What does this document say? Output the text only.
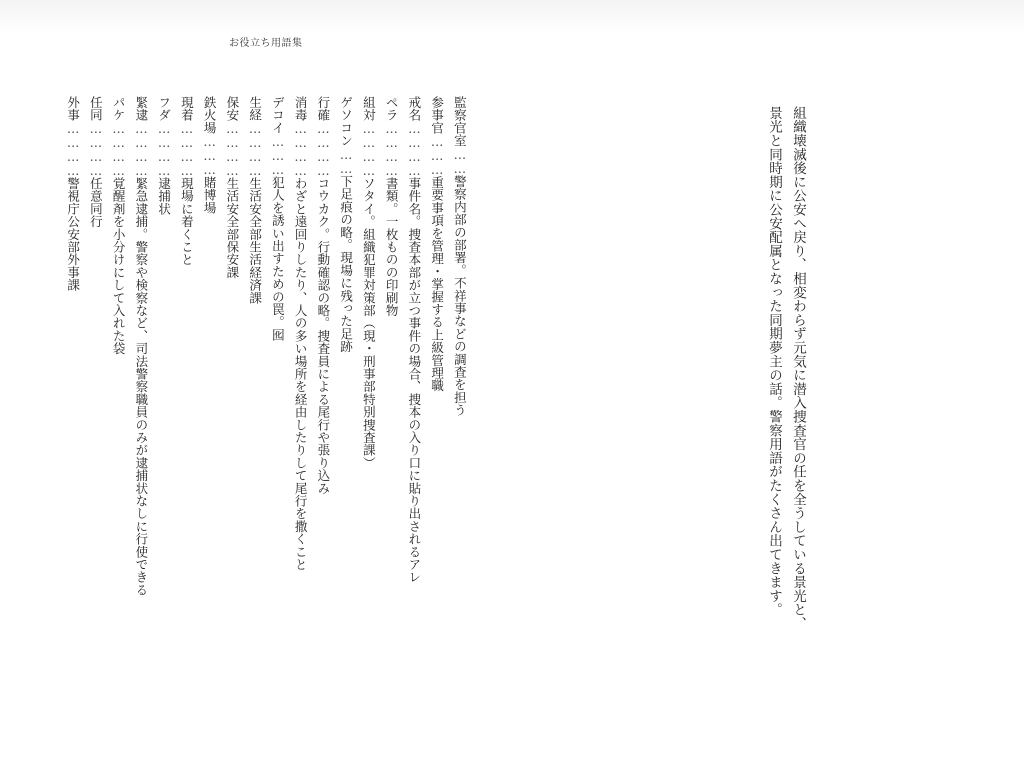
お役立ち用語集
監察官室
……
警察内部の部署。不祥事などの調査を担う
参事官
………
重要事項を管理・掌握する上級管理職
戒名
…………
事件名。捜査本部が立つ事件の場合、捜本の入り口に貼り出されるアレ
ペラ
…………
書類。一枚ものの印刷物
組対
…………
ソタイ。組織犯罪対策部（現・刑事部特別捜査課）
ゲソコン
……
下足痕の略。現場に残った足跡
行確
…………
コウカク。行動確認の略。捜査員による尾行や張り込み
消毒
…………
わざと遠回りしたり、人の多い場所を経由したりして尾行を撒くこと
デコイ
………
犯人を誘い出すための罠。囮
生経
…………
生活安全部生活経済課
保安
…………
生活安全部保安課
鉄火場
………
賭博場
現着
…………
現場に着くこと
フダ
…………
逮捕状
緊逮
…………
緊急逮捕。警察や検察など、司法警察職員のみが逮捕状なしに行使できる
パケ
…………
覚醒剤を小分けにして入れた袋
任同
…………
任意同行
外事
…………
警視庁公安部外事課	組織壊滅後に公安へ戻り、相変わらず元気に潜入捜査官の任を全うしている景光と、
景光と同時期に公安配属となった同期夢主の話。警察用語がたくさん出てきます。
